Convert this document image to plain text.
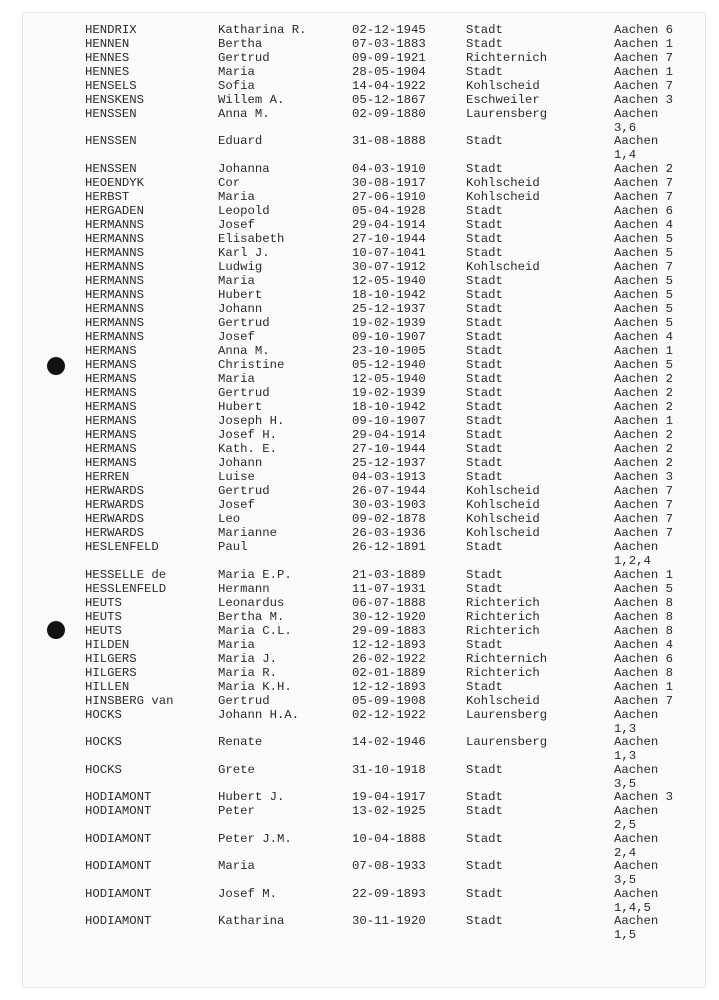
HENDRIX	Katharina R.	02-12-1945	Stadt	Aachen 6
HENNEN	Bertha	07-03-1883	Stadt	Aachen 1
HENNES	Gertrud	09-09-1921	Richternich	Aachen 7
HENNES	Maria	28-05-1904	Stadt	Aachen 1
HENSELS	Sofia	14-04-1922	Kohlscheid	Aachen 7
HENSKENS	Willem A.	05-12-1867	Eschweiler	Aachen 3
HENSSEN	Anna M.	02-09-1880	Laurensberg	Aachen
3,6
HENSSEN	Eduard	31-08-1888	Stadt	Aachen
1,4
HENSSEN	Johanna	04-03-1910	Stadt	Aachen 2
HEOENDYK	Cor	30-08-1917	Kohlscheid	Aachen 7
HERBST	Maria	27-06-1910	Kohlscheid	Aachen 7
HERGADEN	Leopold	05-04-1928	Stadt	Aachen 6
HERMANNS	Josef	29-04-1914	Stadt	Aachen 4
HERMANNS	Elisabeth	27-10-1944	Stadt	Aachen 5
HERMANNS	Karl J.	10-07-1041	Stadt	Aachen 5
HERMANNS	Ludwig	30-07-1912	Kohlscheid	Aachen 7
HERMANNS	Maria	12-05-1940	Stadt	Aachen 5
HERMANNS	Hubert	18-10-1942	Stadt	Aachen 5
HERMANNS	Johann	25-12-1937	Stadt	Aachen 5
HERMANNS	Gertrud	19-02-1939	Stadt	Aachen 5
HERMANNS	Josef	09-10-1907	Stadt	Aachen 4
HERMANS	Anna M.	23-10-1905	Stadt	Aachen 1
HERMANS	Christine	05-12-1940	Stadt	Aachen 5
HERMANS	Maria	12-05-1940	Stadt	Aachen 2
HERMANS	Gertrud	19-02-1939	Stadt	Aachen 2
HERMANS	Hubert	18-10-1942	Stadt	Aachen 2
HERMANS	Joseph H.	09-10-1907	Stadt	Aachen 1
HERMANS	Josef H.	29-04-1914	Stadt	Aachen 2
HERMANS	Kath. E.	27-10-1944	Stadt	Aachen 2
HERMANS	Johann	25-12-1937	Stadt	Aachen 2
HERREN	Luise	04-03-1913	Stadt	Aachen 3
HERWARDS	Gertrud	26-07-1944	Kohlscheid	Aachen 7
HERWARDS	Josef	30-03-1903	Kohlscheid	Aachen 7
HERWARDS	Leo	09-02-1878	Kohlscheid	Aachen 7
HERWARDS	Marianne	26-03-1936	Kohlscheid	Aachen 7
HESLENFELD	Paul	26-12-1891	Stadt	Aachen
1,2,4
HESSELLE de	Maria E.P.	21-03-1889	Stadt	Aachen 1
HESSLENFELD	Hermann	11-07-1931	Stadt	Aachen 5
HEUTS	Leonardus	06-07-1888	Richterich	Aachen 8
HEUTS	Bertha M.	30-12-1920	Richterich	Aachen 8
HEUTS	Maria C.L.	29-09-1883	Richterich	Aachen 8
HILDEN	Maria	12-12-1893	Stadt	Aachen 4
HILGERS	Maria J.	26-02-1922	Richternich	Aachen 6
HILGERS	Maria R.	02-01-1889	Richterich	Aachen 8
HILLEN	Maria K.H.	12-12-1893	Stadt	Aachen 1
HINSBERG van	Gertrud	05-09-1908	Kohlscheid	Aachen 7
HOCKS	Johann H.A.	02-12-1922	Laurensberg	Aachen
1,3
HOCKS	Renate	14-02-1946	Laurensberg	Aachen
1,3
HOCKS	Grete	31-10-1918	Stadt	Aachen
3,5
HODIAMONT	Hubert J.	19-04-1917	Stadt	Aachen 3
HODIAMONT	Peter	13-02-1925	Stadt	Aachen
2,5
HODIAMONT	Peter J.M.	10-04-1888	Stadt	Aachen
2,4
HODIAMONT	Maria	07-08-1933	Stadt	Aachen
3,5
HODIAMONT	Josef M.	22-09-1893	Stadt	Aachen
1,4,5
HODIAMONT	Katharina	30-11-1920	Stadt	Aachen
1,5
